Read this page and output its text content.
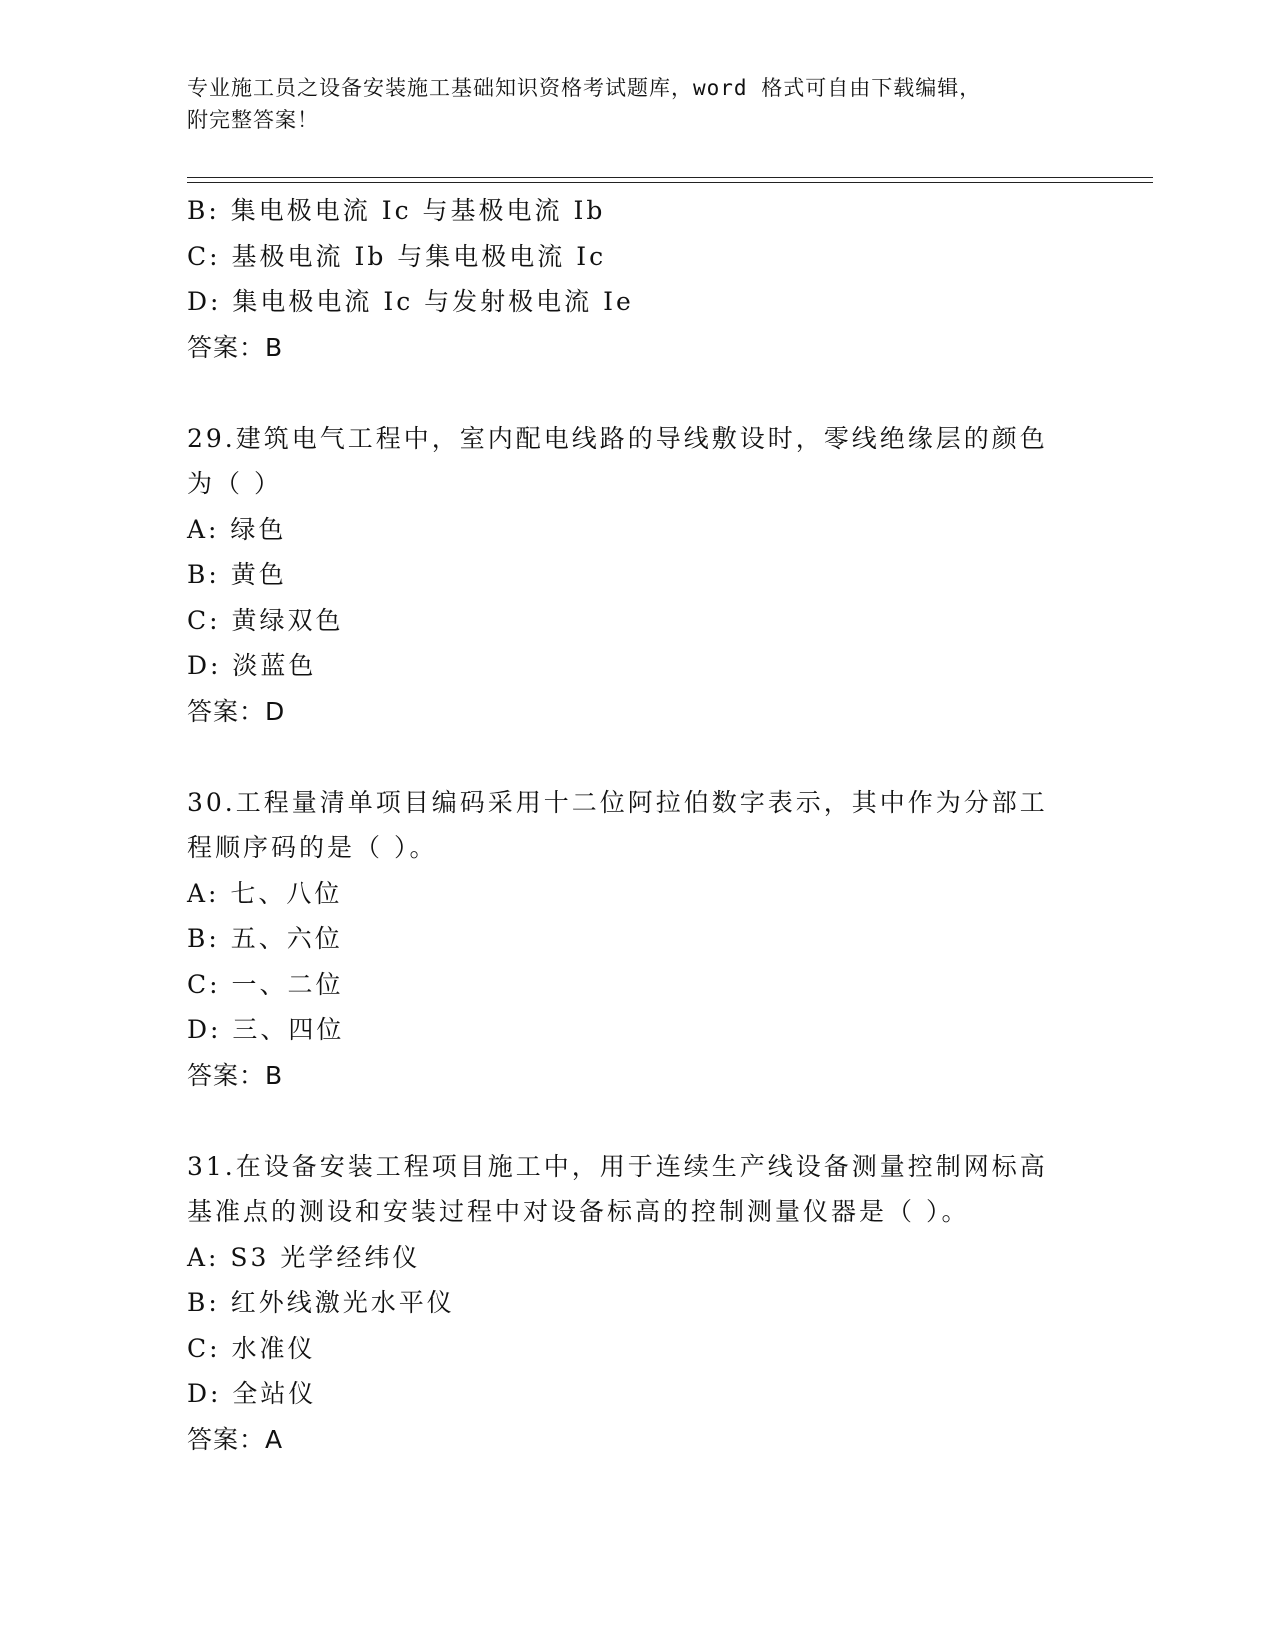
专业施工员之设备安装施工基础知识资格考试题库，word 格式可自由下载编辑，
附完整答案！
B: 集电极电流 Ic 与基极电流 Ib
C: 基极电流 Ib 与集电极电流 Ic
D: 集电极电流 Ic 与发射极电流 Ie
答案：B
29.建筑电气工程中，室内配电线路的导线敷设时，零线绝缘层的颜色
为（ ）
A: 绿色
B: 黄色
C: 黄绿双色
D: 淡蓝色
答案：D
30.工程量清单项目编码采用十二位阿拉伯数字表示，其中作为分部工
程顺序码的是（ ）。
A: 七、八位
B: 五、六位
C: 一、二位
D: 三、四位
答案：B
31.在设备安装工程项目施工中，用于连续生产线设备测量控制网标高
基准点的测设和安装过程中对设备标高的控制测量仪器是（ ）。
A: S3 光学经纬仪
B: 红外线激光水平仪
C: 水准仪
D: 全站仪
答案：A
